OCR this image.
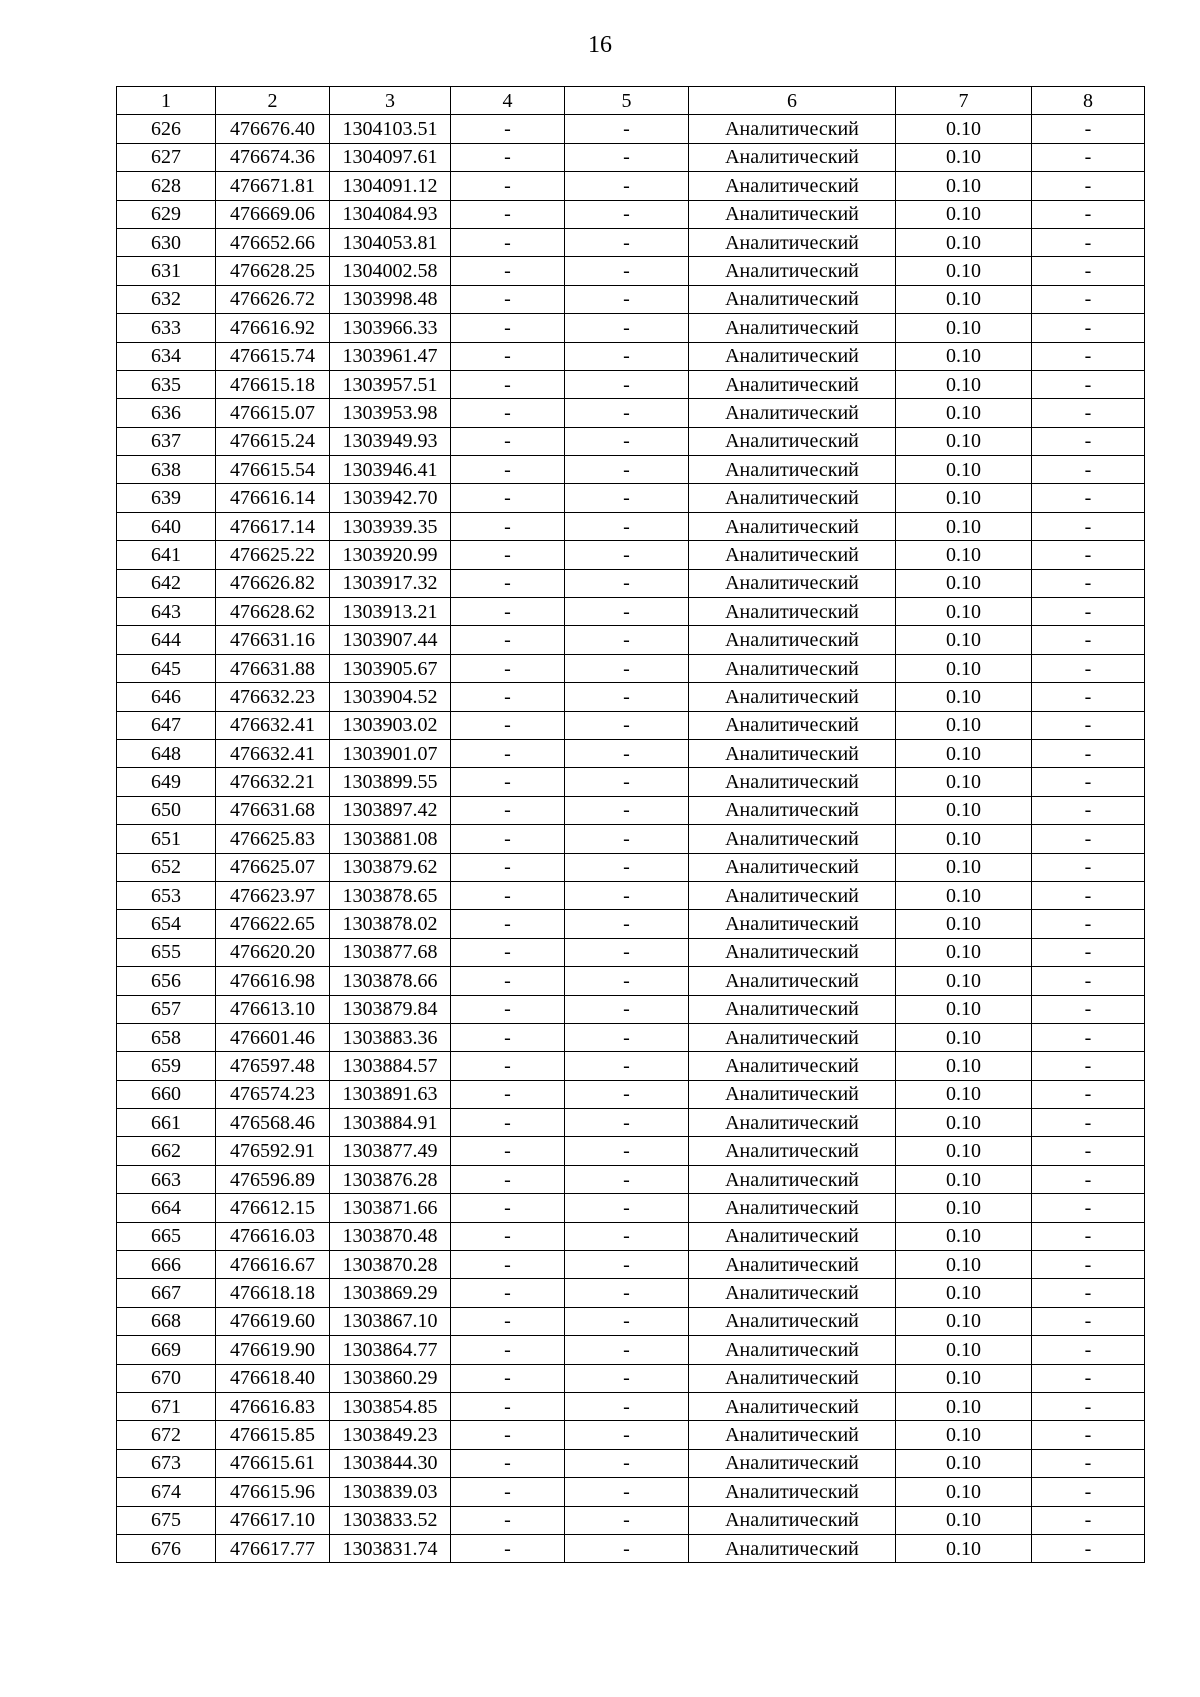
16
1	2	3	4	5	6	7	8
626	476676.40	1304103.51	-	-	Аналитический	0.10	-
627	476674.36	1304097.61	-	-	Аналитический	0.10	-
628	476671.81	1304091.12	-	-	Аналитический	0.10	-
629	476669.06	1304084.93	-	-	Аналитический	0.10	-
630	476652.66	1304053.81	-	-	Аналитический	0.10	-
631	476628.25	1304002.58	-	-	Аналитический	0.10	-
632	476626.72	1303998.48	-	-	Аналитический	0.10	-
633	476616.92	1303966.33	-	-	Аналитический	0.10	-
634	476615.74	1303961.47	-	-	Аналитический	0.10	-
635	476615.18	1303957.51	-	-	Аналитический	0.10	-
636	476615.07	1303953.98	-	-	Аналитический	0.10	-
637	476615.24	1303949.93	-	-	Аналитический	0.10	-
638	476615.54	1303946.41	-	-	Аналитический	0.10	-
639	476616.14	1303942.70	-	-	Аналитический	0.10	-
640	476617.14	1303939.35	-	-	Аналитический	0.10	-
641	476625.22	1303920.99	-	-	Аналитический	0.10	-
642	476626.82	1303917.32	-	-	Аналитический	0.10	-
643	476628.62	1303913.21	-	-	Аналитический	0.10	-
644	476631.16	1303907.44	-	-	Аналитический	0.10	-
645	476631.88	1303905.67	-	-	Аналитический	0.10	-
646	476632.23	1303904.52	-	-	Аналитический	0.10	-
647	476632.41	1303903.02	-	-	Аналитический	0.10	-
648	476632.41	1303901.07	-	-	Аналитический	0.10	-
649	476632.21	1303899.55	-	-	Аналитический	0.10	-
650	476631.68	1303897.42	-	-	Аналитический	0.10	-
651	476625.83	1303881.08	-	-	Аналитический	0.10	-
652	476625.07	1303879.62	-	-	Аналитический	0.10	-
653	476623.97	1303878.65	-	-	Аналитический	0.10	-
654	476622.65	1303878.02	-	-	Аналитический	0.10	-
655	476620.20	1303877.68	-	-	Аналитический	0.10	-
656	476616.98	1303878.66	-	-	Аналитический	0.10	-
657	476613.10	1303879.84	-	-	Аналитический	0.10	-
658	476601.46	1303883.36	-	-	Аналитический	0.10	-
659	476597.48	1303884.57	-	-	Аналитический	0.10	-
660	476574.23	1303891.63	-	-	Аналитический	0.10	-
661	476568.46	1303884.91	-	-	Аналитический	0.10	-
662	476592.91	1303877.49	-	-	Аналитический	0.10	-
663	476596.89	1303876.28	-	-	Аналитический	0.10	-
664	476612.15	1303871.66	-	-	Аналитический	0.10	-
665	476616.03	1303870.48	-	-	Аналитический	0.10	-
666	476616.67	1303870.28	-	-	Аналитический	0.10	-
667	476618.18	1303869.29	-	-	Аналитический	0.10	-
668	476619.60	1303867.10	-	-	Аналитический	0.10	-
669	476619.90	1303864.77	-	-	Аналитический	0.10	-
670	476618.40	1303860.29	-	-	Аналитический	0.10	-
671	476616.83	1303854.85	-	-	Аналитический	0.10	-
672	476615.85	1303849.23	-	-	Аналитический	0.10	-
673	476615.61	1303844.30	-	-	Аналитический	0.10	-
674	476615.96	1303839.03	-	-	Аналитический	0.10	-
675	476617.10	1303833.52	-	-	Аналитический	0.10	-
676	476617.77	1303831.74	-	-	Аналитический	0.10	-
